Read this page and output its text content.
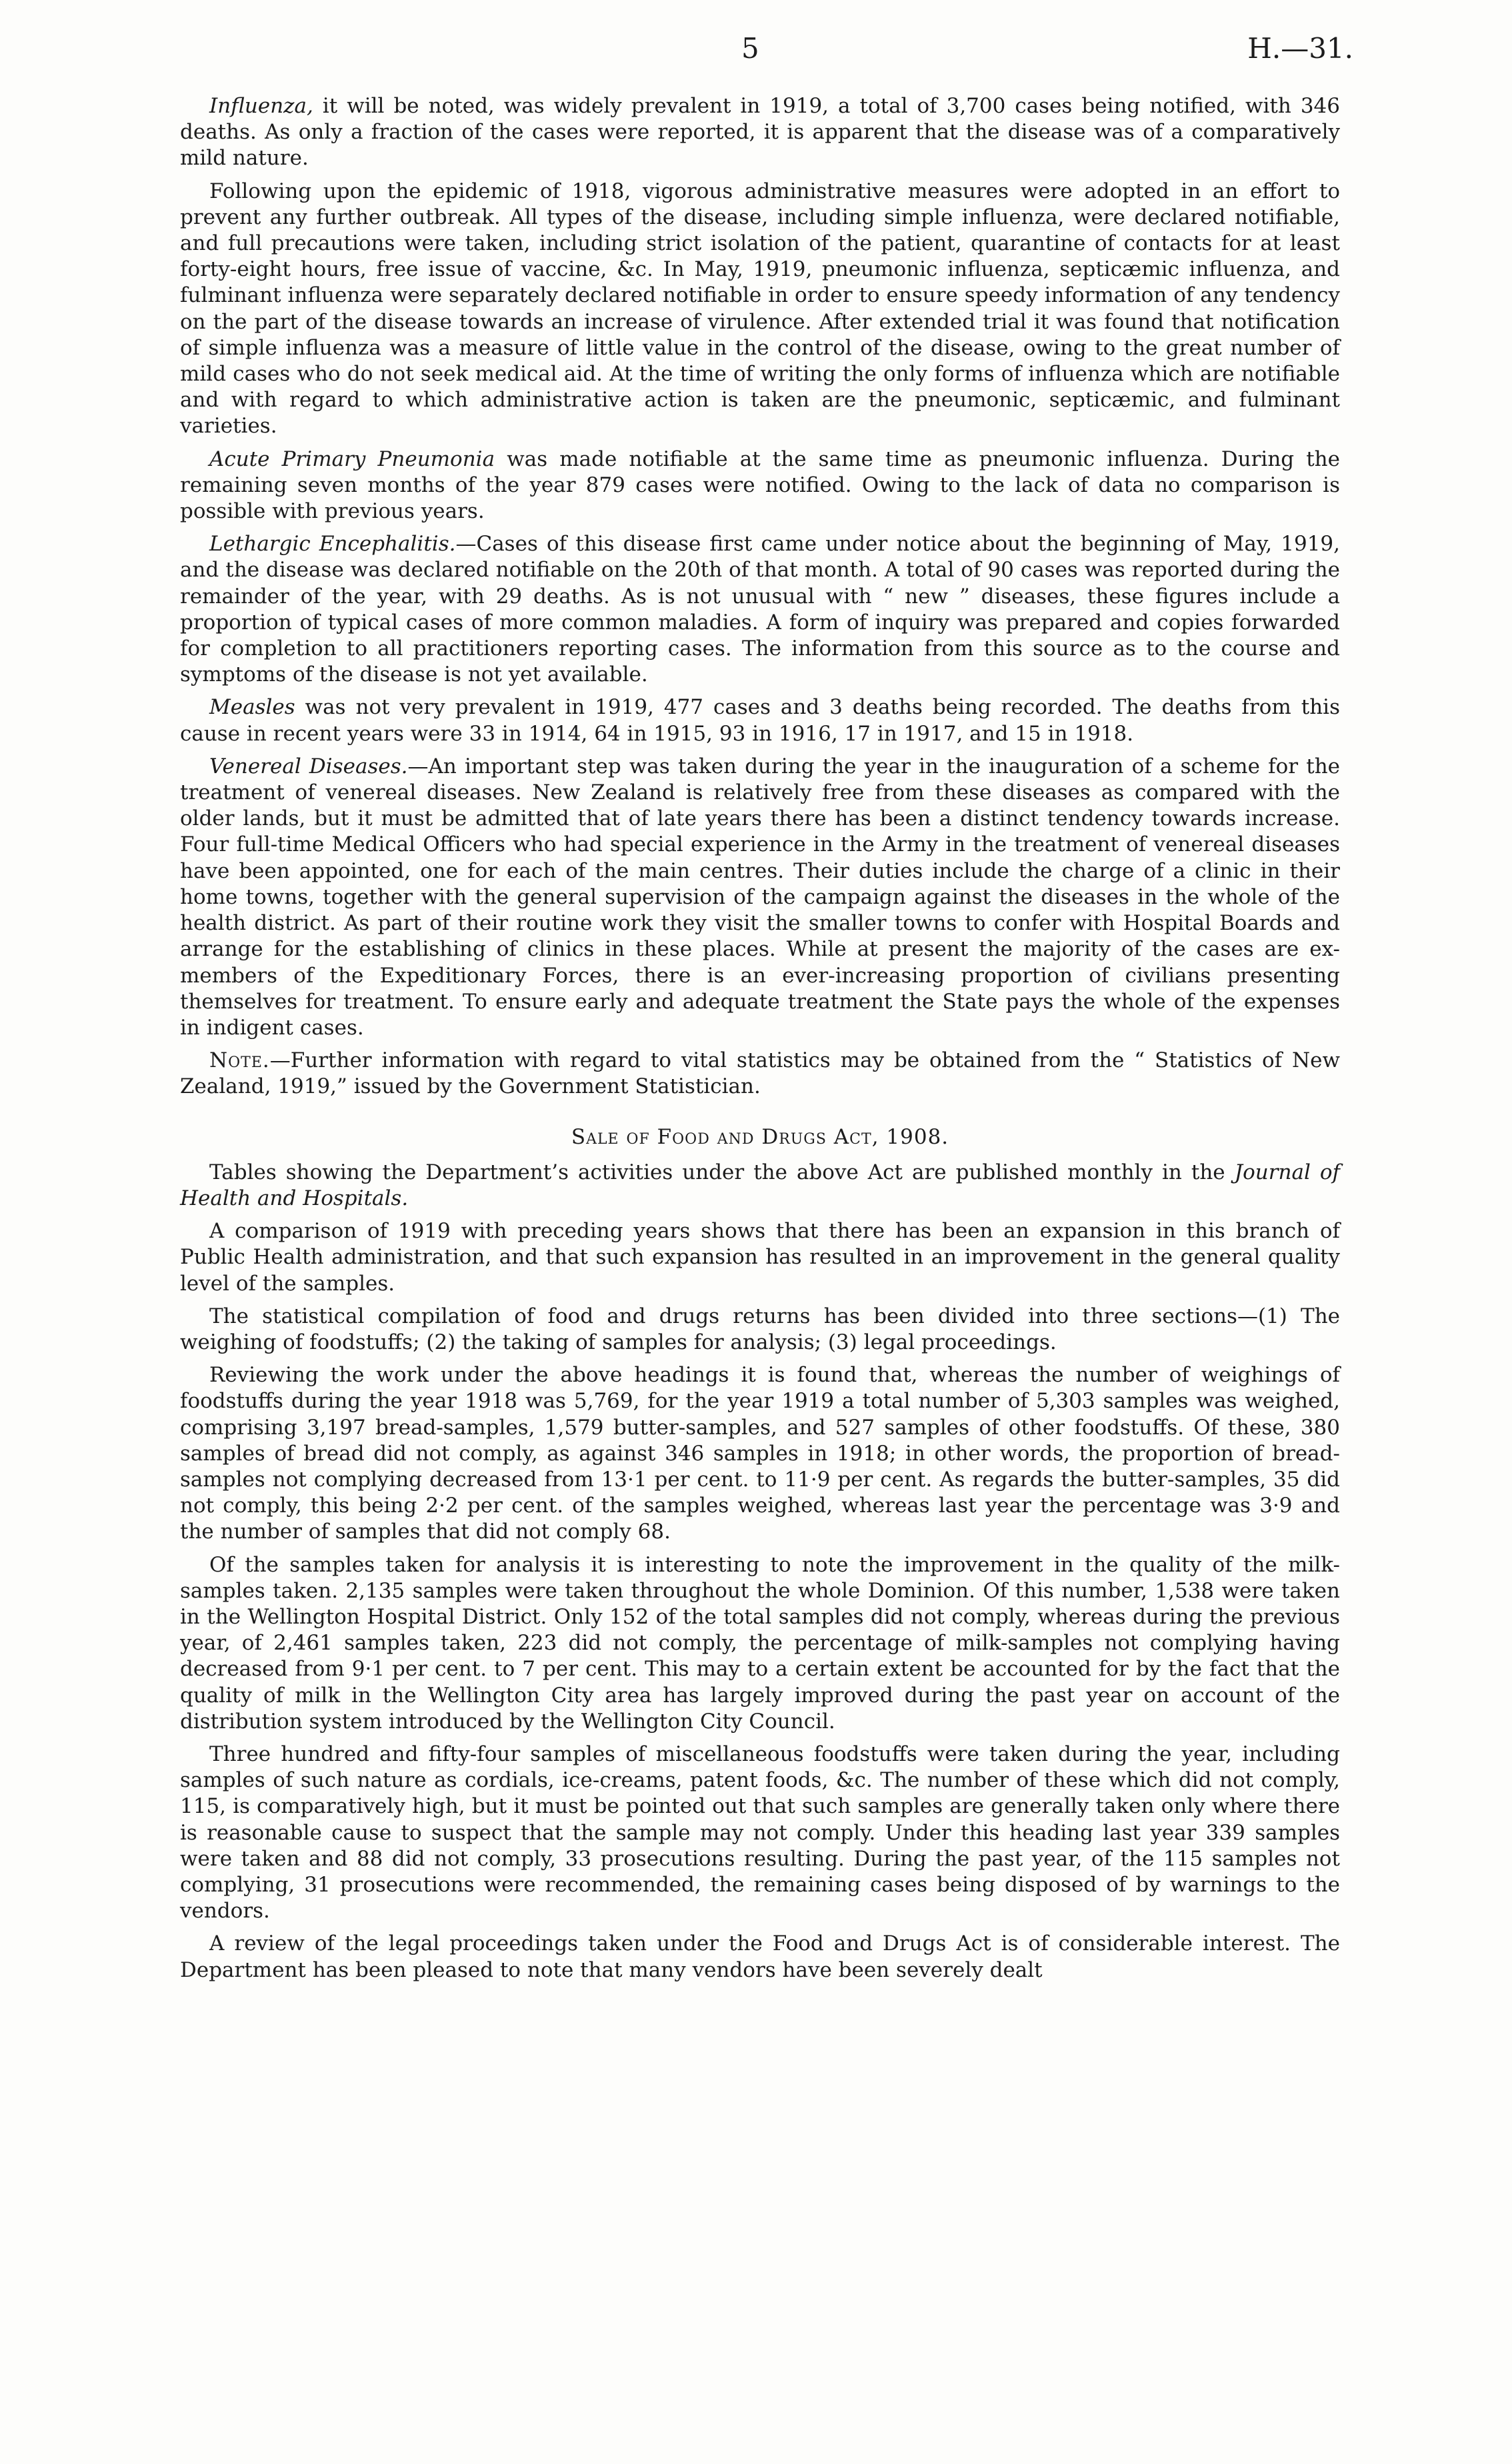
5	H.—31.

Influenza, it will be noted, was widely prevalent in 1919, a total of 3,700 cases being notified, with 346 deaths. As only a fraction of the cases were reported, it is apparent that the disease was of a comparatively mild nature.

Following upon the epidemic of 1918, vigorous administrative measures were adopted in an effort to prevent any further outbreak. All types of the disease, including simple influenza, were declared notifiable, and full precautions were taken, including strict isolation of the patient, quarantine of contacts for at least forty-eight hours, free issue of vaccine, &c. In May, 1919, pneumonic influenza, septicæmic influenza, and fulminant influenza were separately declared notifiable in order to ensure speedy information of any tendency on the part of the disease towards an increase of virulence. After extended trial it was found that notification of simple influenza was a measure of little value in the control of the disease, owing to the great number of mild cases who do not seek medical aid. At the time of writing the only forms of influenza which are notifiable and with regard to which administrative action is taken are the pneumonic, septicæmic, and fulminant varieties.

Acute Primary Pneumonia was made notifiable at the same time as pneumonic influenza. During the remaining seven months of the year 879 cases were notified. Owing to the lack of data no comparison is possible with previous years.

Lethargic Encephalitis.—Cases of this disease first came under notice about the beginning of May, 1919, and the disease was declared notifiable on the 20th of that month. A total of 90 cases was reported during the remainder of the year, with 29 deaths. As is not unusual with “ new ” diseases, these figures include a proportion of typical cases of more common maladies. A form of inquiry was prepared and copies forwarded for completion to all practitioners reporting cases. The information from this source as to the course and symptoms of the disease is not yet available.

Measles was not very prevalent in 1919, 477 cases and 3 deaths being recorded. The deaths from this cause in recent years were 33 in 1914, 64 in 1915, 93 in 1916, 17 in 1917, and 15 in 1918.

Venereal Diseases.—An important step was taken during the year in the inauguration of a scheme for the treatment of venereal diseases. New Zealand is relatively free from these diseases as compared with the older lands, but it must be admitted that of late years there has been a distinct tendency towards increase. Four full-time Medical Officers who had special experience in the Army in the treatment of venereal diseases have been appointed, one for each of the main centres. Their duties include the charge of a clinic in their home towns, together with the general supervision of the campaign against the diseases in the whole of the health district. As part of their routine work they visit the smaller towns to confer with Hospital Boards and arrange for the establishing of clinics in these places. While at present the majority of the cases are ex-members of the Expeditionary Forces, there is an ever-increasing proportion of civilians presenting themselves for treatment. To ensure early and adequate treatment the State pays the whole of the expenses in indigent cases.

Note.—Further information with regard to vital statistics may be obtained from the “ Statistics of New Zealand, 1919,” issued by the Government Statistician.

Sale of Food and Drugs Act, 1908.

Tables showing the Department’s activities under the above Act are published monthly in the Journal of Health and Hospitals.

A comparison of 1919 with preceding years shows that there has been an expansion in this branch of Public Health administration, and that such expansion has resulted in an improvement in the general quality level of the samples.

The statistical compilation of food and drugs returns has been divided into three sections—(1) The weighing of foodstuffs; (2) the taking of samples for analysis; (3) legal proceedings.

Reviewing the work under the above headings it is found that, whereas the number of weighings of foodstuffs during the year 1918 was 5,769, for the year 1919 a total number of 5,303 samples was weighed, comprising 3,197 bread-samples, 1,579 butter-samples, and 527 samples of other foodstuffs. Of these, 380 samples of bread did not comply, as against 346 samples in 1918; in other words, the proportion of bread-samples not complying decreased from 13·1 per cent. to 11·9 per cent. As regards the butter-samples, 35 did not comply, this being 2·2 per cent. of the samples weighed, whereas last year the percentage was 3·9 and the number of samples that did not comply 68.

Of the samples taken for analysis it is interesting to note the improvement in the quality of the milk-samples taken. 2,135 samples were taken throughout the whole Dominion. Of this number, 1,538 were taken in the Wellington Hospital District. Only 152 of the total samples did not comply, whereas during the previous year, of 2,461 samples taken, 223 did not comply, the percentage of milk-samples not complying having decreased from 9·1 per cent. to 7 per cent. This may to a certain extent be accounted for by the fact that the quality of milk in the Wellington City area has largely improved during the past year on account of the distribution system introduced by the Wellington City Council.

Three hundred and fifty-four samples of miscellaneous foodstuffs were taken during the year, including samples of such nature as cordials, ice-creams, patent foods, &c. The number of these which did not comply, 115, is comparatively high, but it must be pointed out that such samples are generally taken only where there is reasonable cause to suspect that the sample may not comply. Under this heading last year 339 samples were taken and 88 did not comply, 33 prosecutions resulting. During the past year, of the 115 samples not complying, 31 prosecutions were recommended, the remaining cases being disposed of by warnings to the vendors.

A review of the legal proceedings taken under the Food and Drugs Act is of considerable interest. The Department has been pleased to note that many vendors have been severely dealt
